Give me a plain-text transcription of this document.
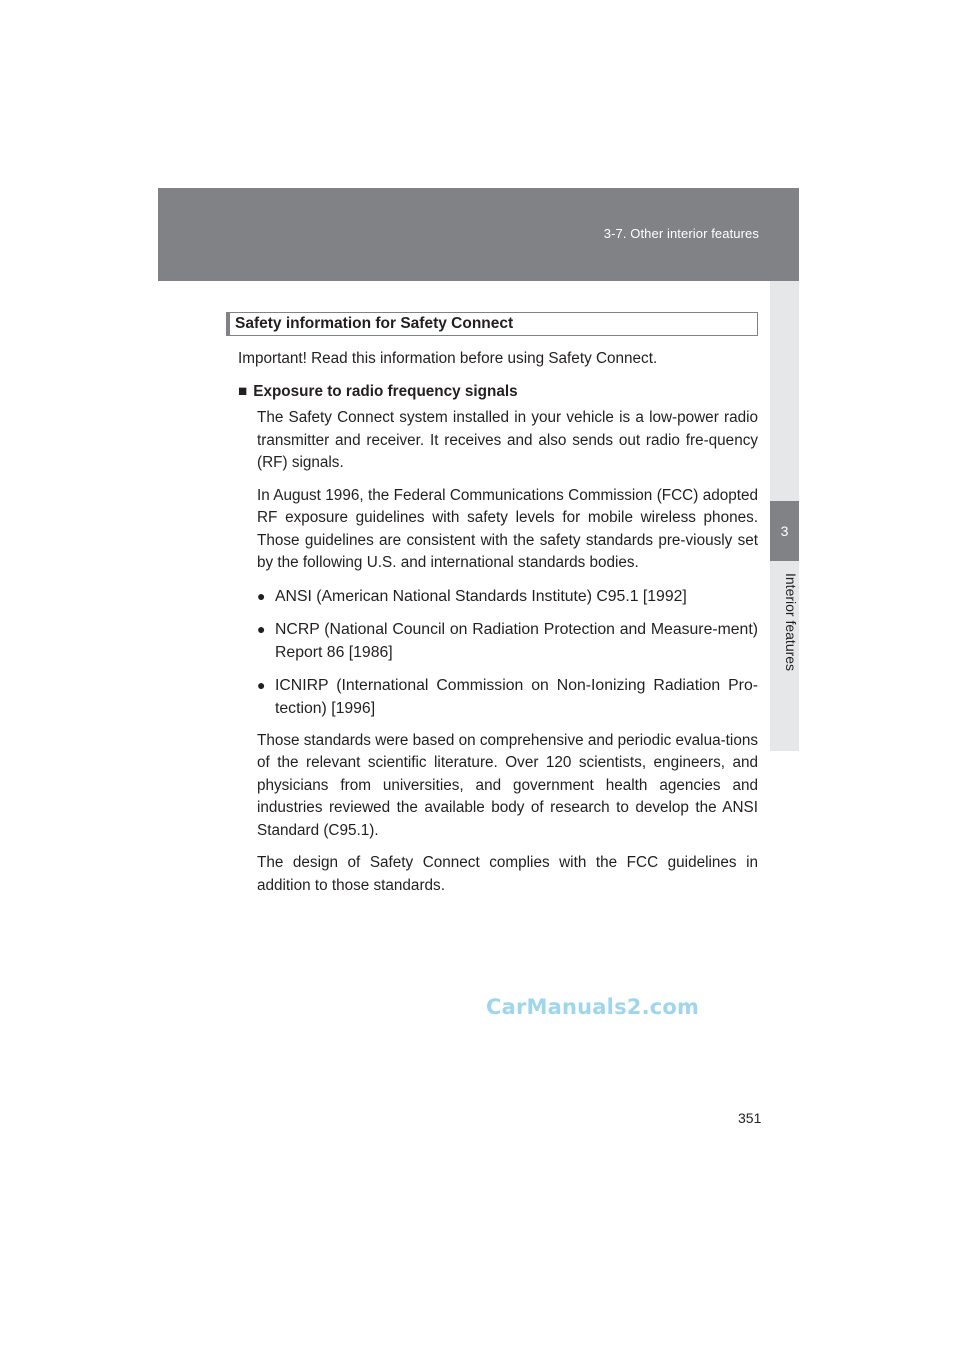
3-7. Other interior features
3
Interior features
Safety information for Safety Connect

Important! Read this information before using Safety Connect.

■ Exposure to radio frequency signals

The Safety Connect system installed in your vehicle is a low-power radio transmitter and receiver. It receives and also sends out radio fre-quency (RF) signals.

In August 1996, the Federal Communications Commission (FCC) adopted RF exposure guidelines with safety levels for mobile wireless phones. Those guidelines are consistent with the safety standards pre-viously set by the following U.S. and international standards bodies.

● ANSI (American National Standards Institute) C95.1 [1992]
● NCRP (National Council on Radiation Protection and Measure-ment) Report 86 [1986]
● ICNIRP (International Commission on Non-Ionizing Radiation Pro-tection) [1996]

Those standards were based on comprehensive and periodic evalua-tions of the relevant scientific literature. Over 120 scientists, engineers, and physicians from universities, and government health agencies and industries reviewed the available body of research to develop the ANSI Standard (C95.1).

The design of Safety Connect complies with the FCC guidelines in addition to those standards.

CarManuals2.com
351
